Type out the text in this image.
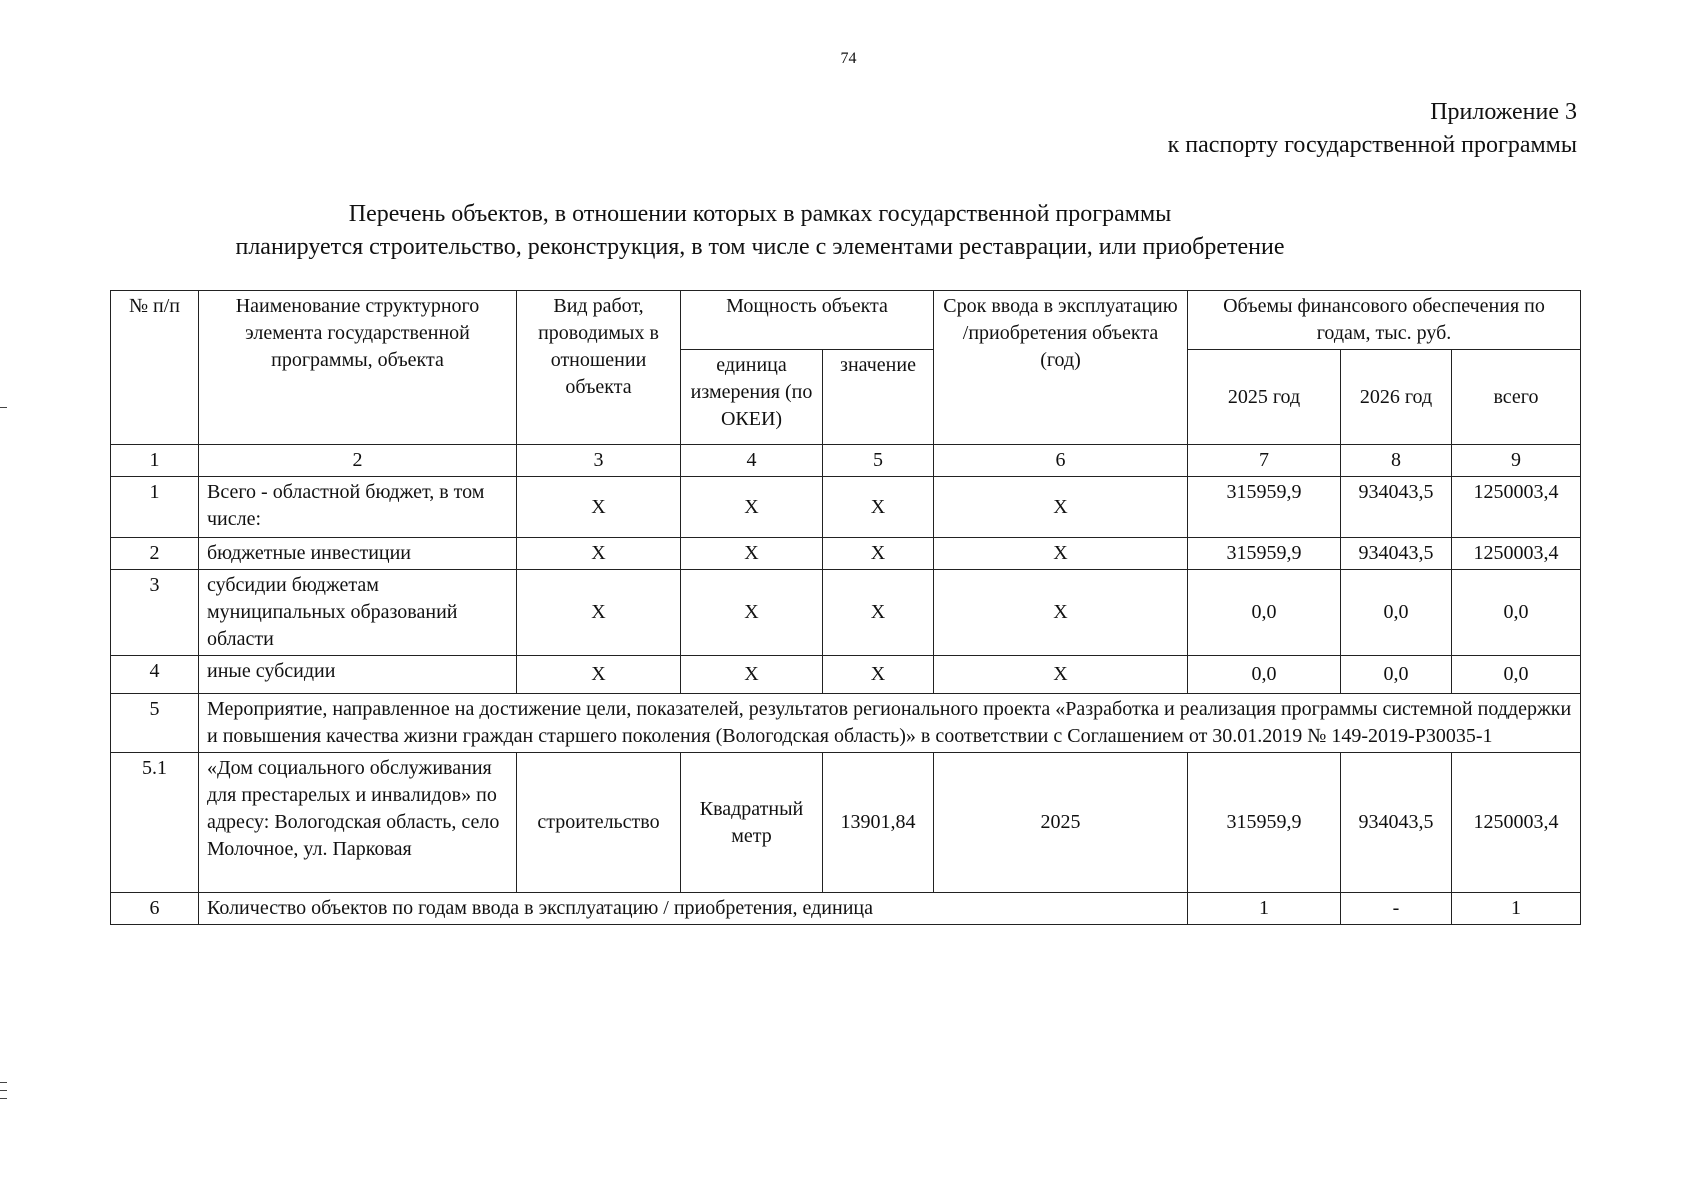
74
Приложение 3
к паспорту государственной программы
Перечень объектов, в отношении которых в рамках государственной программы
планируется строительство, реконструкция, в том числе с элементами реставрации, или приобретение
№ п/п	Наименование структурного элемента государственной программы, объекта	Вид работ, проводимых в отношении объекта	Мощность объекта		Срок ввода в эксплуатацию /приобретения объекта (год)	Объемы финансового обеспечения по годам, тыс. руб.		
			единица измерения (по ОКЕИ)	значение		2025 год	2026 год	всего
1	2	3	4	5	6	7	8	9
1	Всего - областной бюджет, в том числе:	Х	Х	Х	Х	315959,9	934043,5	1250003,4
2	бюджетные инвестиции	Х	Х	Х	Х	315959,9	934043,5	1250003,4
3	субсидии бюджетам муниципальных образований области	Х	Х	Х	Х	0,0	0,0	0,0
4	иные субсидии	Х	Х	Х	Х	0,0	0,0	0,0
5	Мероприятие, направленное на достижение цели, показателей, результатов регионального проекта «Разработка и реализация программы системной поддержки и повышения качества жизни граждан старшего поколения (Вологодская область)» в соответствии с Соглашением от 30.01.2019 № 149-2019-Р30035-1							
5.1	«Дом социального обслуживания для престарелых и инвалидов» по адресу: Вологодская область, село Молочное, ул. Парковая	строительство	Квадратный метр	13901,84	2025	315959,9	934043,5	1250003,4
6	Количество объектов по годам ввода в эксплуатацию / приобретения, единица					1	-	1
